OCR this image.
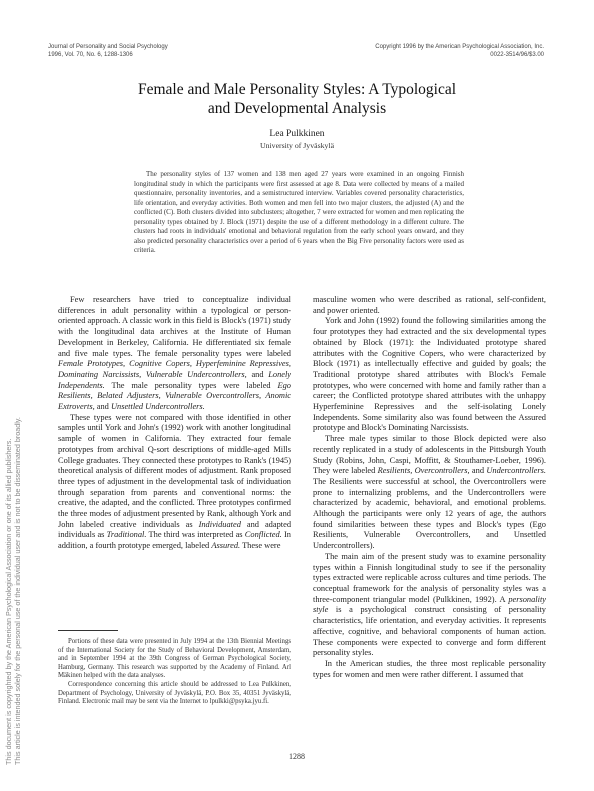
This document is copyrighted by the American Psychological Association or one of its allied publishers. This article is intended solely for the personal use of the individual user and is not to be disseminated broadly.
Journal of Personality and Social Psychology
1996, Vol. 70, No. 6, 1288-1306
Copyright 1996 by the American Psychological Association, Inc.
0022-3514/96/$3.00
Female and Male Personality Styles: A Typological
and Developmental Analysis
Lea Pulkkinen
University of Jyväskylä
The personality styles of 137 women and 138 men aged 27 years were examined in an ongoing Finnish longitudinal study in which the participants were first assessed at age 8. Data were collected by means of a mailed questionnaire, personality inventories, and a semistructured interview. Variables covered personality characteristics, life orientation, and everyday activities. Both women and men fell into two major clusters, the adjusted (A) and the conflicted (C). Both clusters divided into subclusters; altogether, 7 were extracted for women and men replicating the personality types obtained by J. Block (1971) despite the use of a different methodology in a different culture. The clusters had roots in individuals' emotional and behavioral regulation from the early school years onward, and they also predicted personality characteristics over a period of 6 years when the Big Five personality factors were used as criteria.

Few researchers have tried to conceptualize individual differences in adult personality within a typological or person-oriented approach. A classic work in this field is Block's (1971) study with the longitudinal data archives at the Institute of Human Development in Berkeley, California. He differentiated six female and five male types. The female personality types were labeled Female Prototypes, Cognitive Copers, Hyperfeminine Repressives, Dominating Narcissists, Vulnerable Undercontrollers, and Lonely Independents. The male personality types were labeled Ego Resilients, Belated Adjusters, Vulnerable Overcontrollers, Anomic Extroverts, and Unsettled Undercontrollers.

These types were not compared with those identified in other samples until York and John's (1992) work with another longitudinal sample of women in California. They extracted four female prototypes from archival Q-sort descriptions of middle-aged Mills College graduates. They connected these prototypes to Rank's (1945) theoretical analysis of different modes of adjustment. Rank proposed three types of adjustment in the developmental task of individuation through separation from parents and conventional norms: the creative, the adapted, and the conflicted. Three prototypes confirmed the three modes of adjustment presented by Rank, although York and John labeled creative individuals as Individuated and adapted individuals as Traditional. The third was interpreted as Conflicted. In addition, a fourth prototype emerged, labeled Assured. These were

masculine women who were described as rational, self-confident, and power oriented.

York and John (1992) found the following similarities among the four prototypes they had extracted and the six developmental types obtained by Block (1971): the Individuated prototype shared attributes with the Cognitive Copers, who were characterized by Block (1971) as intellectually effective and guided by goals; the Traditional prototype shared attributes with Block's Female prototypes, who were concerned with home and family rather than a career; the Conflicted prototype shared attributes with the unhappy Hyperfeminine Repressives and the self-isolating Lonely Independents. Some similarity also was found between the Assured prototype and Block's Dominating Narcissists.

Three male types similar to those Block depicted were also recently replicated in a study of adolescents in the Pittsburgh Youth Study (Robins, John, Caspi, Moffitt, & Stouthamer-Loeber, 1996). They were labeled Resilients, Overcontrollers, and Undercontrollers. The Resilients were successful at school, the Overcontrollers were prone to internalizing problems, and the Undercontrollers were characterized by academic, behavioral, and emotional problems. Although the participants were only 12 years of age, the authors found similarities between these types and Block's types (Ego Resilients, Vulnerable Overcontrollers, and Unsettled Undercontrollers).

The main aim of the present study was to examine personality types within a Finnish longitudinal study to see if the personality types extracted were replicable across cultures and time periods. The conceptual framework for the analysis of personality styles was a three-component triangular model (Pulkkinen, 1992). A personality style is a psychological construct consisting of personality characteristics, life orientation, and everyday activities. It represents affective, cognitive, and behavioral components of human action. These components were expected to converge and form different personality styles.

In the American studies, the three most replicable personality types for women and men were rather different. I assumed that

Portions of these data were presented in July 1994 at the 13th Biennial Meetings of the International Society for the Study of Behavioral Development, Amsterdam, and in September 1994 at the 39th Congress of German Psychological Society, Hamburg, Germany. This research was supported by the Academy of Finland. Arl Mäkinen helped with the data analyses.

Correspondence concerning this article should be addressed to Lea Pulkkinen, Department of Psychology, University of Jyväskylä, P.O. Box 35, 40351 Jyväskylä, Finland. Electronic mail may be sent via the Internet to lpulkki@psyka.jyu.fi.

1288
